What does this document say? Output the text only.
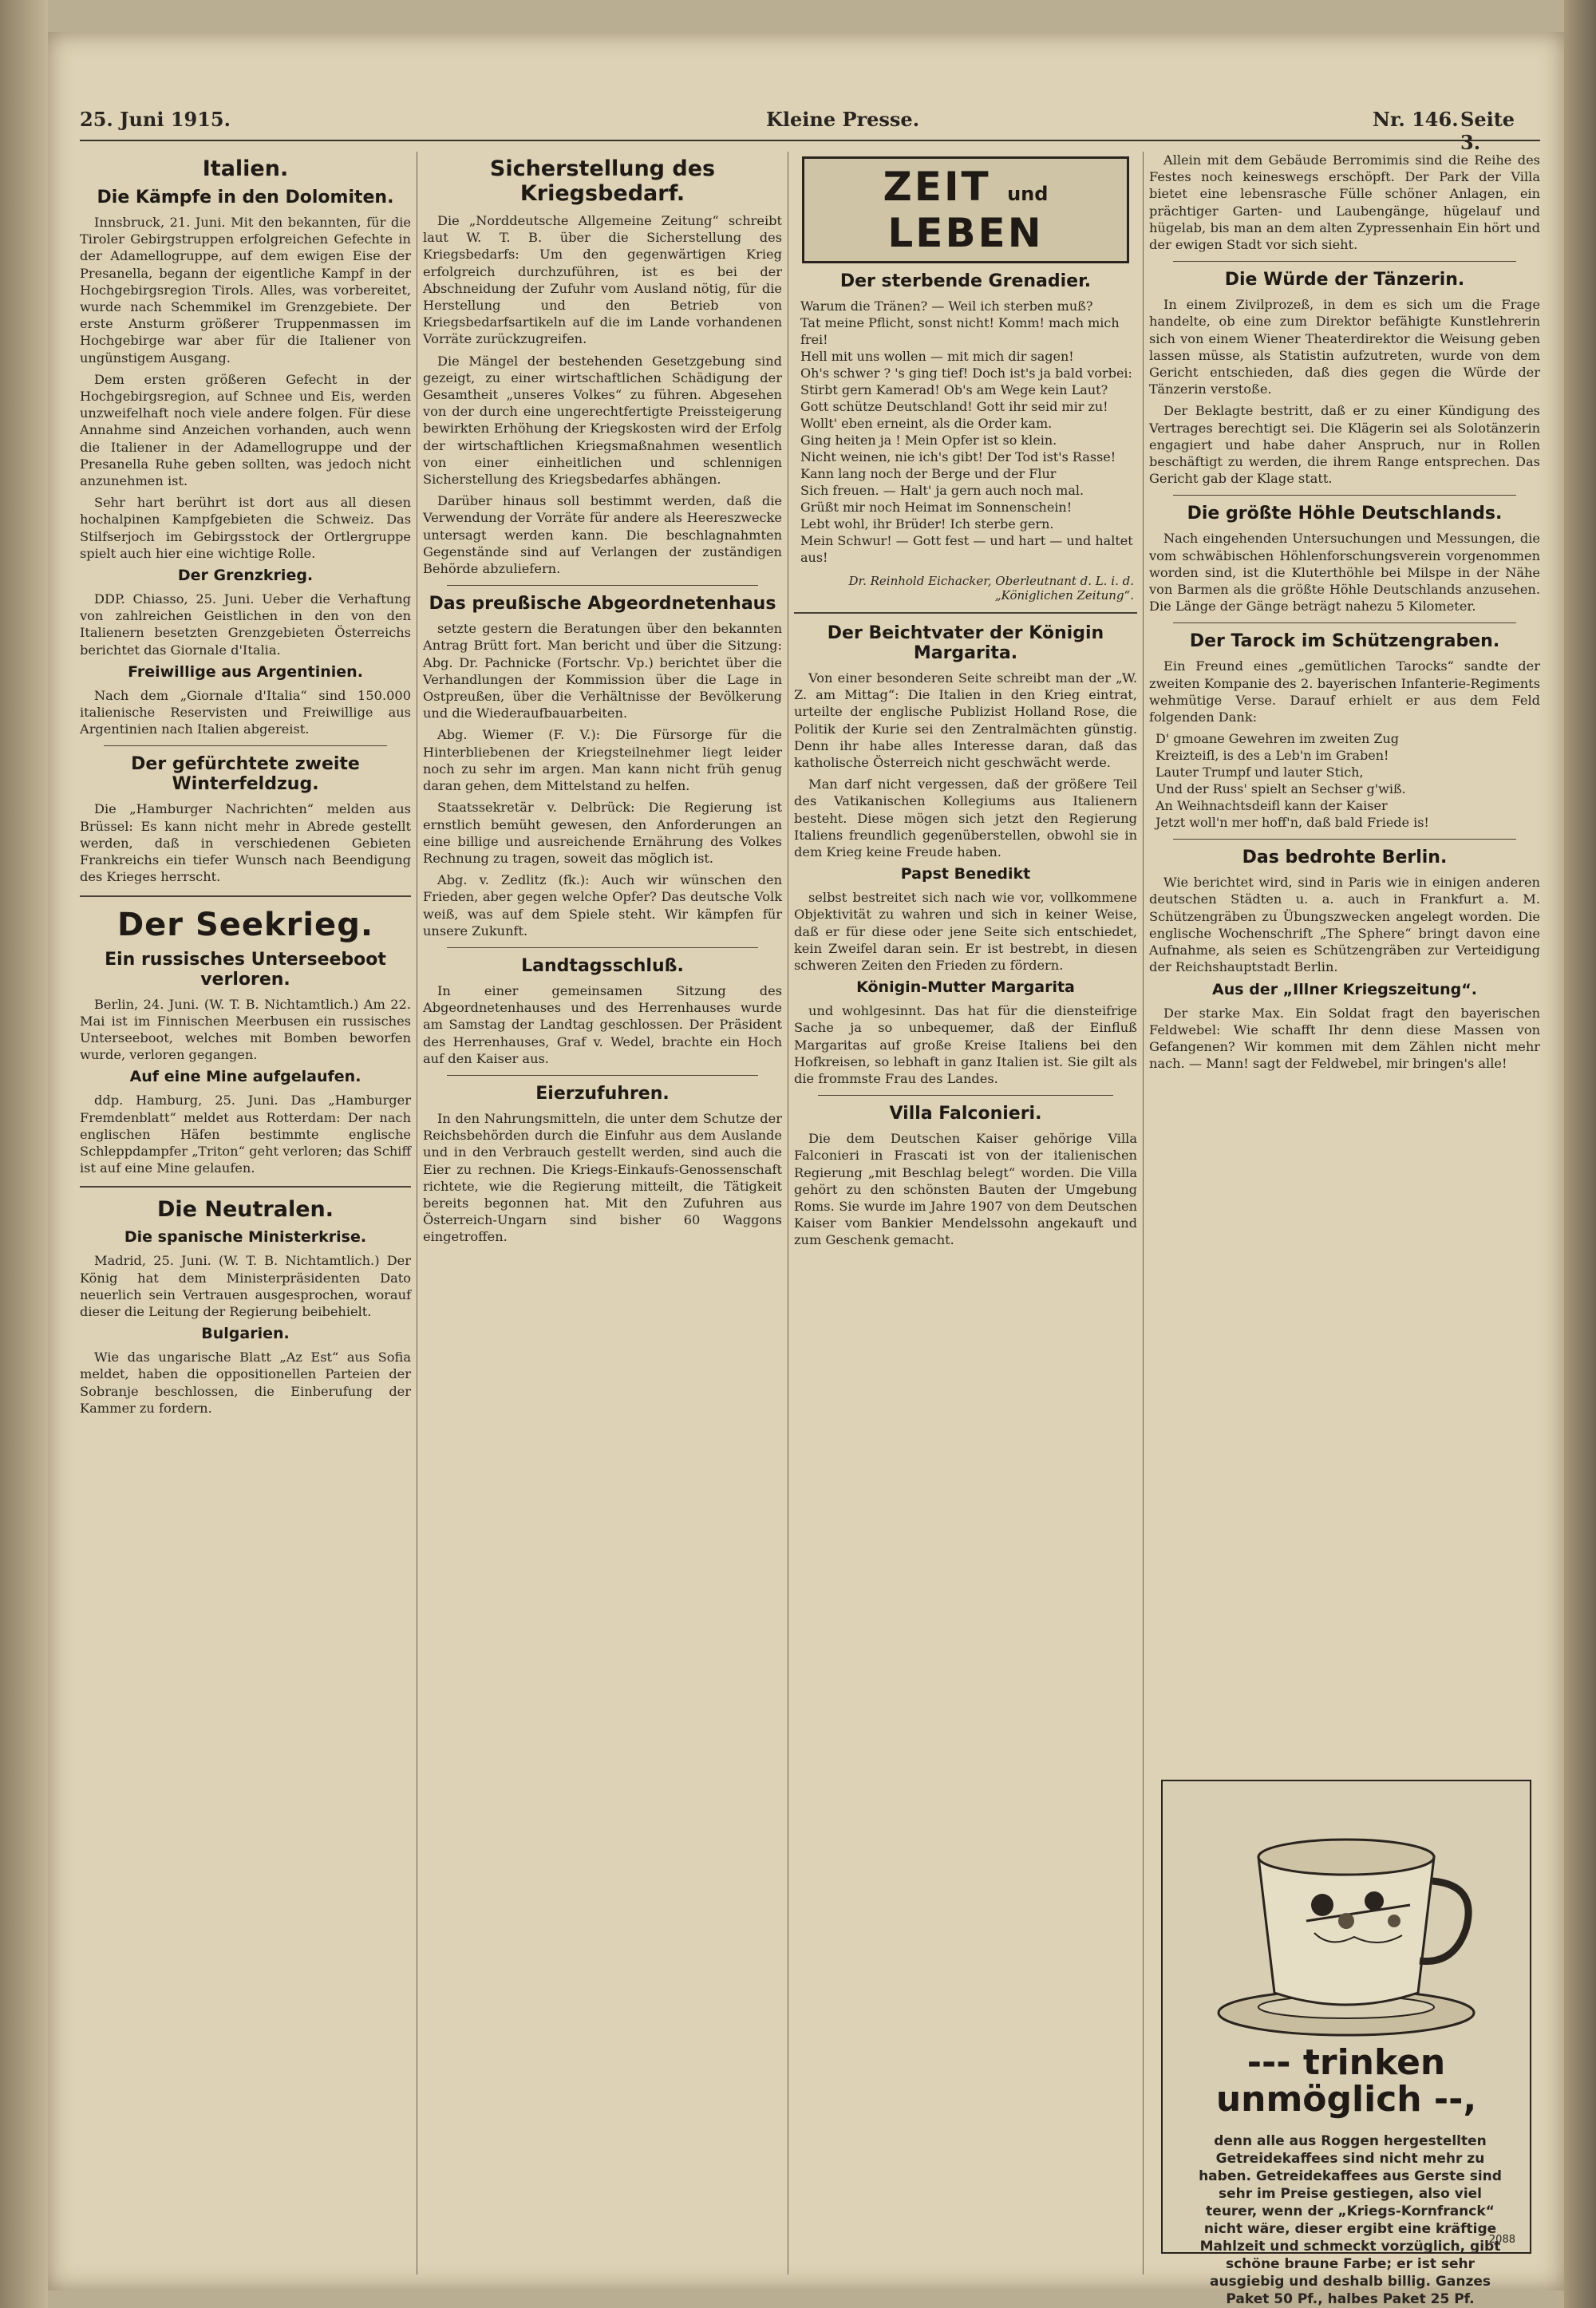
25. Juni 1915.	Kleine Presse.	Nr. 146. Seite 3.
Italien.
Die Kämpfe in den Dolomiten.

Innsbruck, 21. Juni. Mit den bekannten, für die Tiroler Gebirgstruppen erfolgreichen Gefechte in der Adamellogruppe, auf dem ewigen Eise der Presanella, begann der eigentliche Kampf in der Hochgebirgsregion Tirols. Alles, was vorbereitet, wurde nach Schemmikel im Grenzgebiete. Der erste Ansturm größerer Truppenmassen im Hochgebirge war aber für die Italiener von ungünstigem Ausgang.

Dem ersten größeren Gefecht in der Hochgebirgsregion, auf Schnee und Eis, werden unzweifelhaft noch viele andere folgen. Für diese Annahme sind Anzeichen vorhanden, auch wenn die Italiener in der Adamellogruppe und der Presanella Ruhe geben sollten, was jedoch nicht anzunehmen ist.

Sehr hart berührt ist dort aus all diesen hochalpinen Kampfgebieten die Schweiz. Das Stilfserjoch im Gebirgsstock der Ortlergruppe spielt auch hier eine wichtige Rolle.

Der Grenzkrieg.

DDP. Chiasso, 25. Juni. Ueber die Verhaftung von zahlreichen Geistlichen in den von den Italienern besetzten Grenzgebieten Österreichs berichtet das Giornale d'Italia.

Freiwillige aus Argentinien.

Nach dem „Giornale d'Italia“ sind 150.000 italienische Reservisten und Freiwillige aus Argentinien nach Italien abgereist.

Der gefürchtete zweite Winterfeldzug.

Die „Hamburger Nachrichten“ melden aus Brüssel: Es kann nicht mehr in Abrede gestellt werden, daß in verschiedenen Gebieten Frankreichs ein tiefer Wunsch nach Beendigung des Krieges herrscht.

Der Seekrieg.
Ein russisches Unterseeboot verloren.

Berlin, 24. Juni. (W. T. B. Nichtamtlich.) Am 22. Mai ist im Finnischen Meerbusen ein russisches Unterseeboot, welches mit Bomben beworfen wurde, verloren gegangen.

Auf eine Mine aufgelaufen.

ddp. Hamburg, 25. Juni. Das „Hamburger Fremdenblatt“ meldet aus Rotterdam: Der nach englischen Häfen bestimmte englische Schleppdampfer „Triton“ geht verloren; das Schiff ist auf eine Mine gelaufen.

Die Neutralen.
Die spanische Ministerkrise.

Madrid, 25. Juni. (W. T. B. Nichtamtlich.) Der König hat dem Ministerpräsidenten Dato neuerlich sein Vertrauen ausgesprochen, worauf dieser die Leitung der Regierung beibehielt.

Bulgarien.

Wie das ungarische Blatt „Az Est“ aus Sofia meldet, haben die oppositionellen Parteien der Sobranje beschlossen, die Einberufung der Kammer zu fordern.

Sicherstellung des Kriegsbedarf.

Die „Norddeutsche Allgemeine Zeitung“ schreibt laut W. T. B. über die Sicherstellung des Kriegsbedarfs: Um den gegenwärtigen Krieg erfolgreich durchzuführen, ist es bei der Abschneidung der Zufuhr vom Ausland nötig, für die Herstellung und den Betrieb von Kriegsbedarfsartikeln auf die im Lande vorhandenen Vorräte zurückzugreifen.

Die Mängel der bestehenden Gesetzgebung sind gezeigt, zu einer wirtschaftlichen Schädigung der Gesamtheit „unseres Volkes“ zu führen. Abgesehen von der durch eine ungerechtfertigte Preissteigerung bewirkten Erhöhung der Kriegskosten wird der Erfolg der wirtschaftlichen Kriegsmaßnahmen wesentlich von einer einheitlichen und schlennigen Sicherstellung des Kriegsbedarfes abhängen.

Darüber hinaus soll bestimmt werden, daß die Verwendung der Vorräte für andere als Heereszwecke untersagt werden kann. Die beschlagnahmten Gegenstände sind auf Verlangen der zuständigen Behörde abzuliefern.

Das preußische Abgeordnetenhaus

setzte gestern die Beratungen über den bekannten Antrag Brütt fort. Man bericht und über die Sitzung: Abg. Dr. Pachnicke (Fortschr. Vp.) berichtet über die Verhandlungen der Kommission über die Lage in Ostpreußen, über die Verhältnisse der Bevölkerung und die Wiederaufbauarbeiten.

Abg. Wiemer (F. V.): Die Fürsorge für die Hinterbliebenen der Kriegsteilnehmer liegt leider noch zu sehr im argen. Man kann nicht früh genug daran gehen, dem Mittelstand zu helfen.

Staatssekretär v. Delbrück: Die Regierung ist ernstlich bemüht gewesen, den Anforderungen an eine billige und ausreichende Ernährung des Volkes Rechnung zu tragen, soweit das möglich ist.

Abg. v. Zedlitz (fk.): Auch wir wünschen den Frieden, aber gegen welche Opfer? Das deutsche Volk weiß, was auf dem Spiele steht. Wir kämpfen für unsere Zukunft.

Landtagsschluß.

In einer gemeinsamen Sitzung des Abgeordnetenhauses und des Herrenhauses wurde am Samstag der Landtag geschlossen. Der Präsident des Herrenhauses, Graf v. Wedel, brachte ein Hoch auf den Kaiser aus.

Eierzufuhren.

In den Nahrungsmitteln, die unter dem Schutze der Reichsbehörden durch die Einfuhr aus dem Auslande und in den Verbrauch gestellt werden, sind auch die Eier zu rechnen. Die Kriegs-Einkaufs-Genossenschaft richtete, wie die Regierung mitteilt, die Tätigkeit bereits begonnen hat. Mit den Zufuhren aus Österreich-Ungarn sind bisher 60 Waggons eingetroffen.

ZEIT und LEBEN
Der sterbende Grenadier.
Warum die Tränen? — Weil ich sterben muß?
Tat meine Pflicht, sonst nicht! Komm! mach mich frei!
Hell mit uns wollen — mit mich dir sagen!
Oh's schwer ? 's ging tief! Doch ist's ja bald vorbei:
Stirbt gern Kamerad! Ob's am Wege kein Laut?
Gott schütze Deutschland! Gott ihr seid mir zu!
Wollt' eben erneint, als die Order kam.
Ging heiten ja ! Mein Opfer ist so klein.
Nicht weinen, nie ich's gibt! Der Tod ist's Rasse!
Kann lang noch der Berge und der Flur
Sich freuen. — Halt' ja gern auch noch mal.
Grüßt mir noch Heimat im Sonnenschein!
Lebt wohl, ihr Brüder! Ich sterbe gern.
Mein Schwur! — Gott fest — und hart — und haltet aus!
Dr. Reinhold Eichacker, Oberleutnant d. L. i. d. „Königlichen Zeitung“.
Der Beichtvater der Königin Margarita.

Von einer besonderen Seite schreibt man der „W. Z. am Mittag“: Die Italien in den Krieg eintrat, urteilte der englische Publizist Holland Rose, die Politik der Kurie sei den Zentralmächten günstig. Denn ihr habe alles Interesse daran, daß das katholische Österreich nicht geschwächt werde.

Man darf nicht vergessen, daß der größere Teil des Vatikanischen Kollegiums aus Italienern besteht. Diese mögen sich jetzt den Regierung Italiens freundlich gegenüberstellen, obwohl sie in dem Krieg keine Freude haben.

Papst Benedikt

selbst bestreitet sich nach wie vor, vollkommene Objektivität zu wahren und sich in keiner Weise, daß er für diese oder jene Seite sich entschiedet, kein Zweifel daran sein. Er ist bestrebt, in diesen schweren Zeiten den Frieden zu fördern.

Königin-Mutter Margarita

und wohlgesinnt. Das hat für die diensteifrige Sache ja so unbequemer, daß der Einfluß Margaritas auf große Kreise Italiens bei den Hofkreisen, so lebhaft in ganz Italien ist. Sie gilt als die frommste Frau des Landes.

Villa Falconieri.

Die dem Deutschen Kaiser gehörige Villa Falconieri in Frascati ist von der italienischen Regierung „mit Beschlag belegt“ worden. Die Villa gehört zu den schönsten Bauten der Umgebung Roms. Sie wurde im Jahre 1907 von dem Deutschen Kaiser vom Bankier Mendelssohn angekauft und zum Geschenk gemacht.

Allein mit dem Gebäude Berromimis sind die Reihe des Festes noch keineswegs erschöpft. Der Park der Villa bietet eine lebensrasche Fülle schöner Anlagen, ein prächtiger Garten- und Laubengänge, hügelauf und hügelab, bis man an dem alten Zypressenhain Ein hört und der ewigen Stadt vor sich sieht.

Die Würde der Tänzerin.

In einem Zivilprozeß, in dem es sich um die Frage handelte, ob eine zum Direktor befähigte Kunstlehrerin sich von einem Wiener Theaterdirektor die Weisung geben lassen müsse, als Statistin aufzutreten, wurde von dem Gericht entschieden, daß dies gegen die Würde der Tänzerin verstoße.

Der Beklagte bestritt, daß er zu einer Kündigung des Vertrages berechtigt sei. Die Klägerin sei als Solotänzerin engagiert und habe daher Anspruch, nur in Rollen beschäftigt zu werden, die ihrem Range entsprechen. Das Gericht gab der Klage statt.

Die größte Höhle Deutschlands.

Nach eingehenden Untersuchungen und Messungen, die vom schwäbischen Höhlenforschungsverein vorgenommen worden sind, ist die Kluterthöhle bei Milspe in der Nähe von Barmen als die größte Höhle Deutschlands anzusehen. Die Länge der Gänge beträgt nahezu 5 Kilometer.

Der Tarock im Schützengraben.

Ein Freund eines „gemütlichen Tarocks“ sandte der zweiten Kompanie des 2. bayerischen Infanterie-Regiments wehmütige Verse. Darauf erhielt er aus dem Feld folgenden Dank:

D' gmoane Gewehren im zweiten Zug
Kreizteifl, is des a Leb'n im Graben!
Lauter Trumpf und lauter Stich,
Und der Russ' spielt an Sechser g'wiß.
An Weihnachtsdeifl kann der Kaiser
Jetzt woll'n mer hoff'n, daß bald Friede is!
Das bedrohte Berlin.

Wie berichtet wird, sind in Paris wie in einigen anderen deutschen Städten u. a. auch in Frankfurt a. M. Schützengräben zu Übungszwecken angelegt worden. Die englische Wochenschrift „The Sphere“ bringt davon eine Aufnahme, als seien es Schützengräben zur Verteidigung der Reichshauptstadt Berlin.

Aus der „Illner Kriegszeitung“.

Der starke Max. Ein Soldat fragt den bayerischen Feldwebel: Wie schafft Ihr denn diese Massen von Gefangenen? Wir kommen mit dem Zählen nicht mehr nach. — Mann! sagt der Feldwebel, mir bringen's alle!

--- trinken
unmöglich --,
denn alle aus Roggen hergestellten Getreidekaffees sind nicht mehr zu haben. Getreidekaffees aus Gerste sind sehr im Preise gestiegen, also viel teurer, wenn der „Kriegs-Kornfranck“ nicht wäre, dieser ergibt eine kräftige Mahlzeit und schmeckt vorzüglich, gibt schöne braune Farbe; er ist sehr ausgiebig und deshalb billig. Ganzes Paket 50 Pf., halbes Paket 25 Pf.
2088
